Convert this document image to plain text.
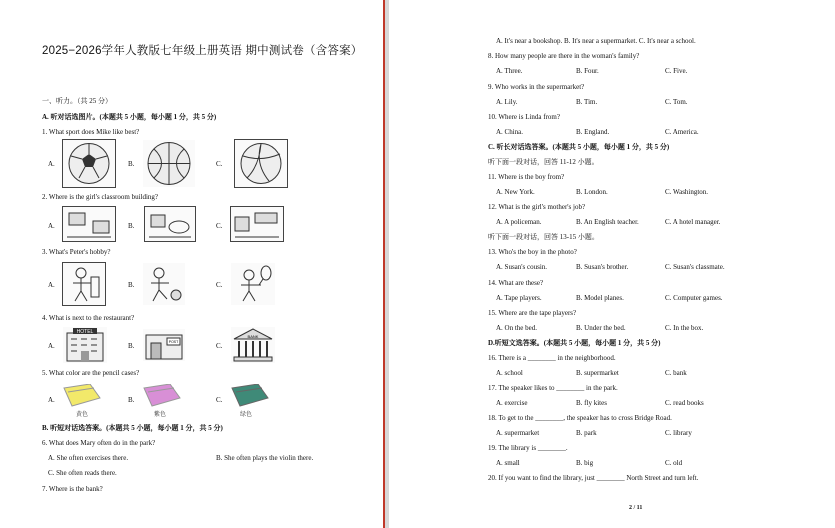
2025−2026学年人教版七年级上册英语 期中测试卷（含答案）
一、听力。（共 25 分）
A. 听对话选图片。(本题共 5 小题，每小题 1 分，共 5 分)
1. What sport does Mike like best?
A.	B.	C.
2. Where is the girl's classroom building?
A.	B.	C.
3. What's Peter's hobby?
A.	B.	C.
4. What is next to the restaurant?
A.
HOTEL
B.	POST	C.
BANK
5. What color are the pencil cases?
A.
黄色
B.
紫色
C.
绿色
B. 听短对话选答案。(本题共 5 小题，每小题 1 分，共 5 分)
6. What does Mary often do in the park?
A. She often exercises there.	B. She often plays the violin there.
C. She often reads there.
7. Where is the bank?
A. It's near a bookshop. B. It's near a supermarket. C. It's near a school.
8. How many people are there in the woman's family?
A. Three.	B. Four.	C. Five.
9. Who works in the supermarket?
A. Lily.	B. Tim.	C. Tom.
10. Where is Linda from?
A. China.	B. England.	C. America.
C. 听长对话选答案。(本题共 5 小题，每小题 1 分，共 5 分)
听下面一段对话，回答 11-12 小题。
11. Where is the boy from?
A. New York.	B. London.	C. Washington.
12. What is the girl's mother's job?
A. A policeman.	B. An English teacher.	C. A hotel manager.
听下面一段对话，回答 13-15 小题。
13. Who's the boy in the photo?
A. Susan's cousin.	B. Susan's brother.	C. Susan's classmate.
14. What are these?
A. Tape players.	B. Model planes.	C. Computer games.
15. Where are the tape players?
A. On the bed.	B. Under the bed.	C. In the box.
D.听短文选答案。(本题共 5 小题，每小题 1 分，共 5 分)
16. There is a ________ in the neighborhood.
A. school	B. supermarket	C. bank
17. The speaker likes to ________ in the park.
A. exercise	B. fly kites	C. read books
18. To get to the ________, the speaker has to cross Bridge Road.
A. supermarket	B. park	C. library
19. The library is ________.
A. small	B. big	C. old
20. If you want to find the library, just ________ North Street and turn left.
2 / 11
